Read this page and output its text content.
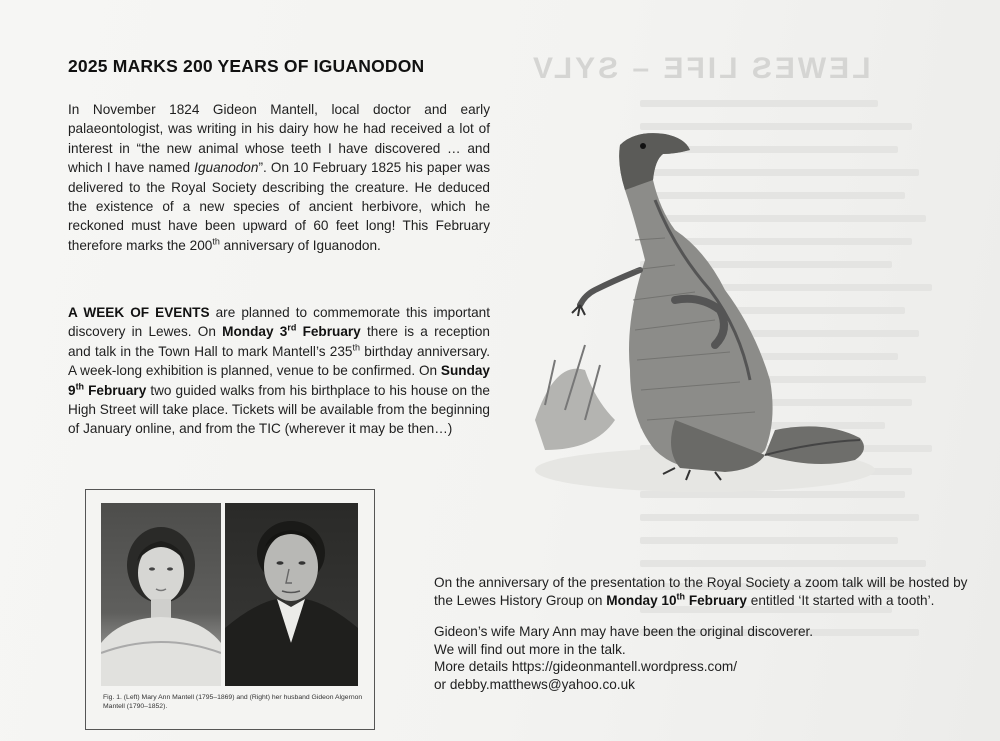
LEWES LIFE – SYLV
2025 MARKS 200 YEARS OF IGUANODON
In November 1824 Gideon Mantell, local doctor and early palaeontologist, was writing in his dairy how he had received a lot of interest in “the new animal whose teeth I have discovered … and which I have named Iguanodon”. On 10 February 1825 his paper was delivered to the Royal Society describing the creature. He deduced the existence of a new species of ancient herbivore, which he reckoned must have been upward of 60 feet long! This February therefore marks the 200th anniversary of Iguanodon.
A WEEK OF EVENTS are planned to commemorate this important discovery in Lewes. On Monday 3rd February there is a reception and talk in the Town Hall to mark Mantell’s 235th birthday anniversary. A week-long exhibition is planned, venue to be confirmed. On Sunday 9th February two guided walks from his birthplace to his house on the High Street will take place. Tickets will be available from the beginning of January online, and from the TIC (wherever it may be then…)
Fig. 1. (Left) Mary Ann Mantell (1795–1869) and (Right) her husband Gideon Algernon Mantell (1790–1852).
On the anniversary of the presentation to the Royal Society a zoom talk will be hosted by the Lewes History Group on Monday 10th February entitled ‘It started with a tooth’.
Gideon’s wife Mary Ann may have been the original discoverer.
We will find out more in the talk.
More details https://gideonmantell.wordpress.com/
or debby.matthews@yahoo.co.uk
